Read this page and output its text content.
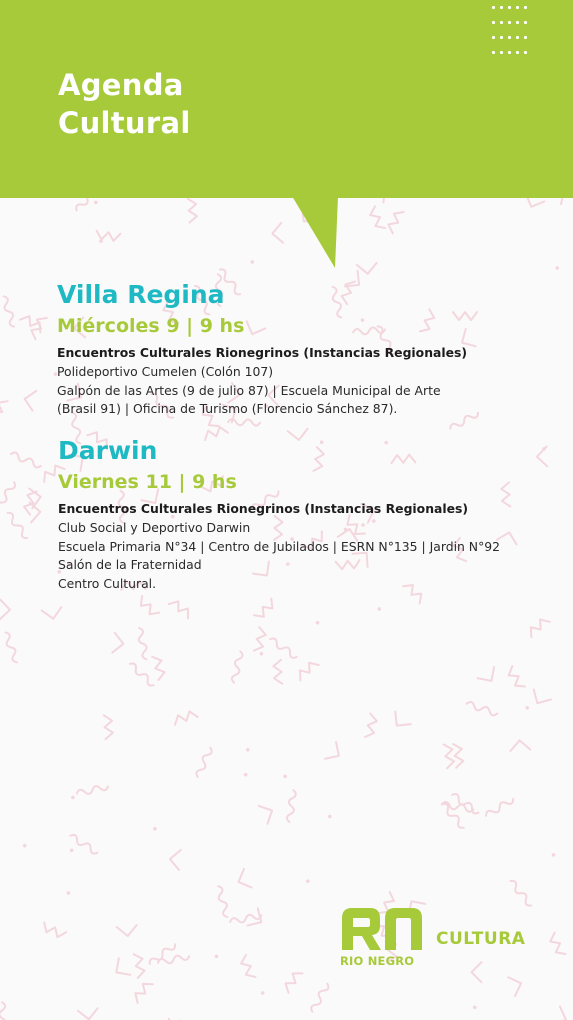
Agenda
Cultural
Villa Regina
Miércoles 9 | 9 hs
Encuentros Culturales Rionegrinos (Instancias Regionales)
Polideportivo Cumelen (Colón 107)
Galpón de las Artes (9 de julio 87) | Escuela Municipal de Arte
(Brasil 91) | Oficina de Turismo (Florencio Sánchez 87).
Darwin
Viernes 11 | 9 hs
Encuentros Culturales Rionegrinos (Instancias Regionales)
Club Social y Deportivo Darwin
Escuela Primaria N°34 | Centro de Jubilados | ESRN N°135 | Jardin N°92
Salón de la Fraternidad
Centro Cultural.
RIO NEGRO
CULTURA
